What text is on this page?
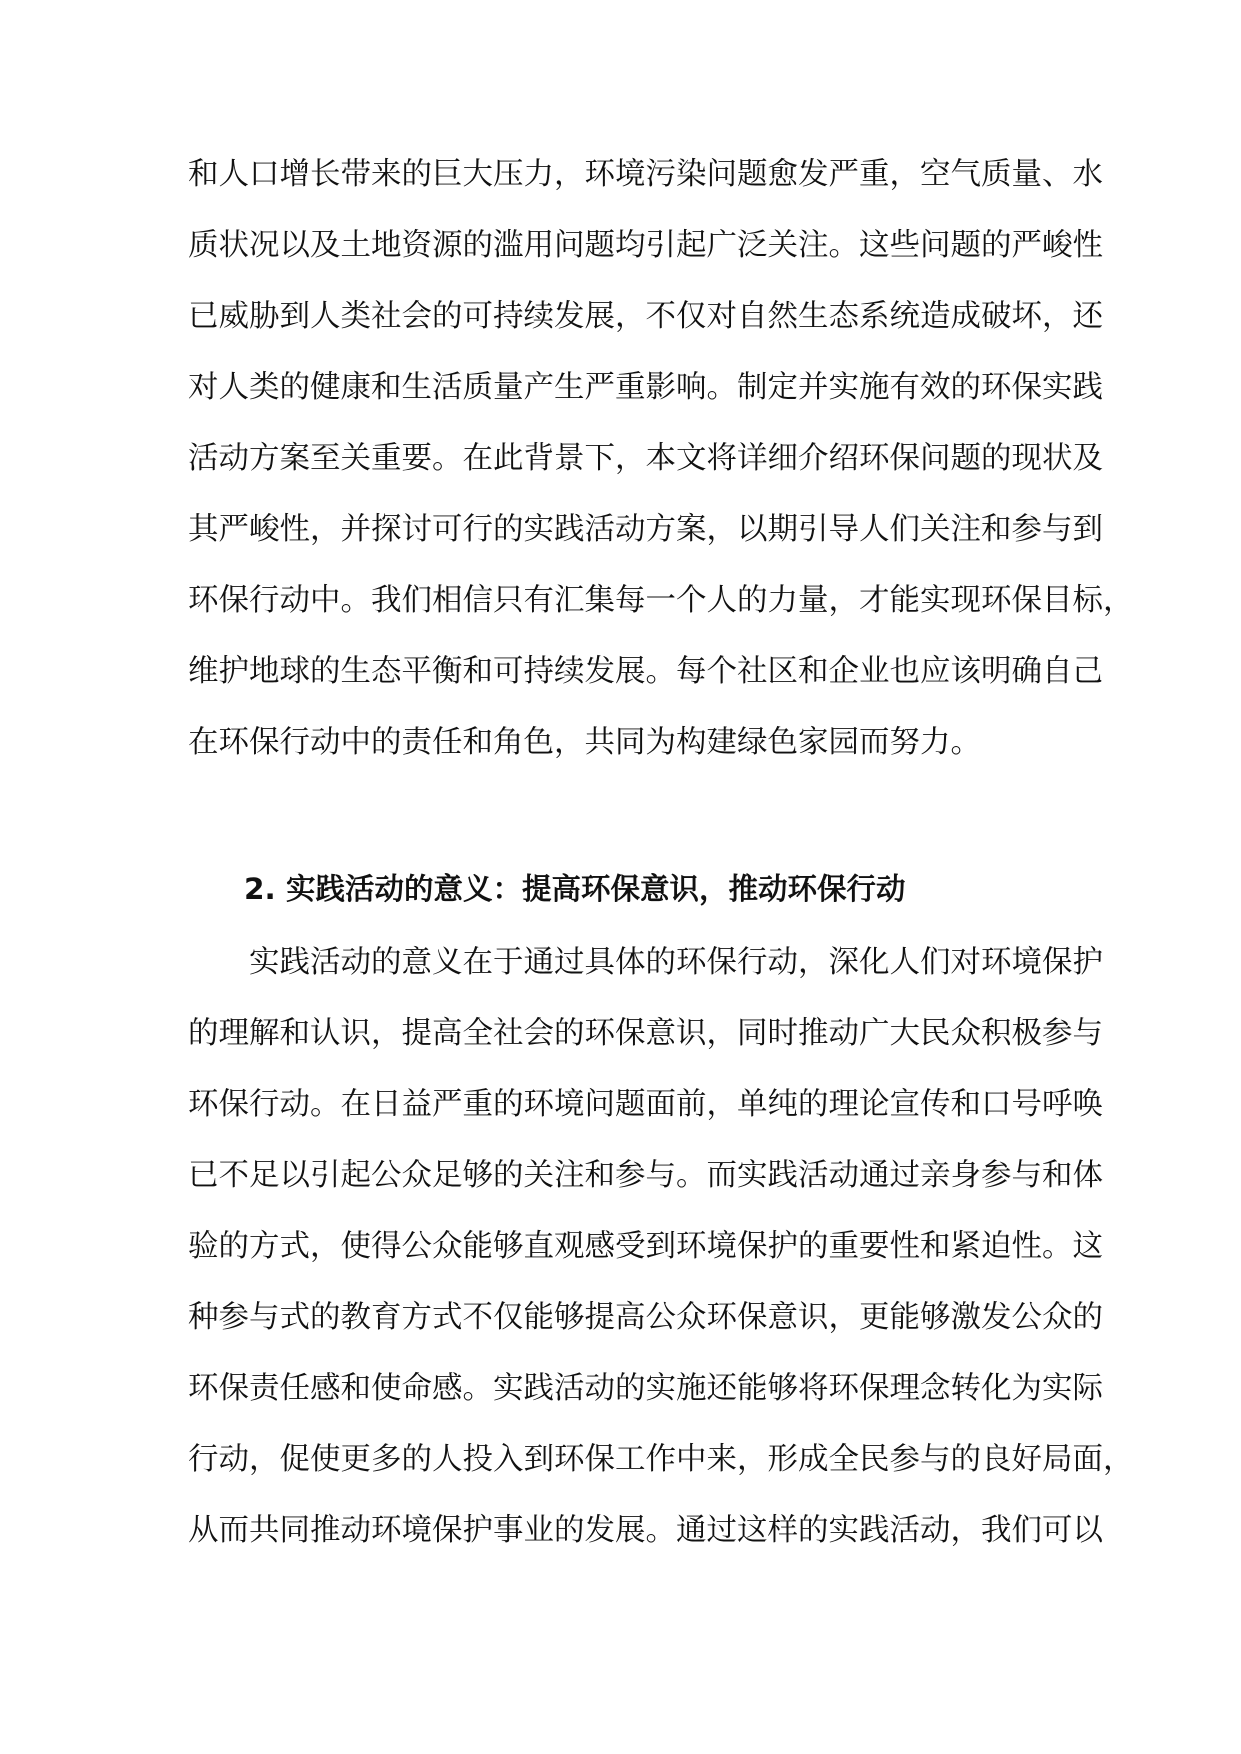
和人口增长带来的巨大压力，环境污染问题愈发严重，空气质量、水
质状况以及土地资源的滥用问题均引起广泛关注。这些问题的严峻性
已威胁到人类社会的可持续发展，不仅对自然生态系统造成破坏，还
对人类的健康和生活质量产生严重影响。制定并实施有效的环保实践
活动方案至关重要。在此背景下，本文将详细介绍环保问题的现状及
其严峻性，并探讨可行的实践活动方案，以期引导人们关注和参与到
环保行动中。我们相信只有汇集每一个人的力量，才能实现环保目标，
维护地球的生态平衡和可持续发展。每个社区和企业也应该明确自己
在环保行动中的责任和角色，共同为构建绿色家园而努力。
2. 实践活动的意义：提高环保意识，推动环保行动
　　实践活动的意义在于通过具体的环保行动，深化人们对环境保护
的理解和认识，提高全社会的环保意识，同时推动广大民众积极参与
环保行动。在日益严重的环境问题面前，单纯的理论宣传和口号呼唤
已不足以引起公众足够的关注和参与。而实践活动通过亲身参与和体
验的方式，使得公众能够直观感受到环境保护的重要性和紧迫性。这
种参与式的教育方式不仅能够提高公众环保意识，更能够激发公众的
环保责任感和使命感。实践活动的实施还能够将环保理念转化为实际
行动，促使更多的人投入到环保工作中来，形成全民参与的良好局面，
从而共同推动环境保护事业的发展。通过这样的实践活动，我们可以
